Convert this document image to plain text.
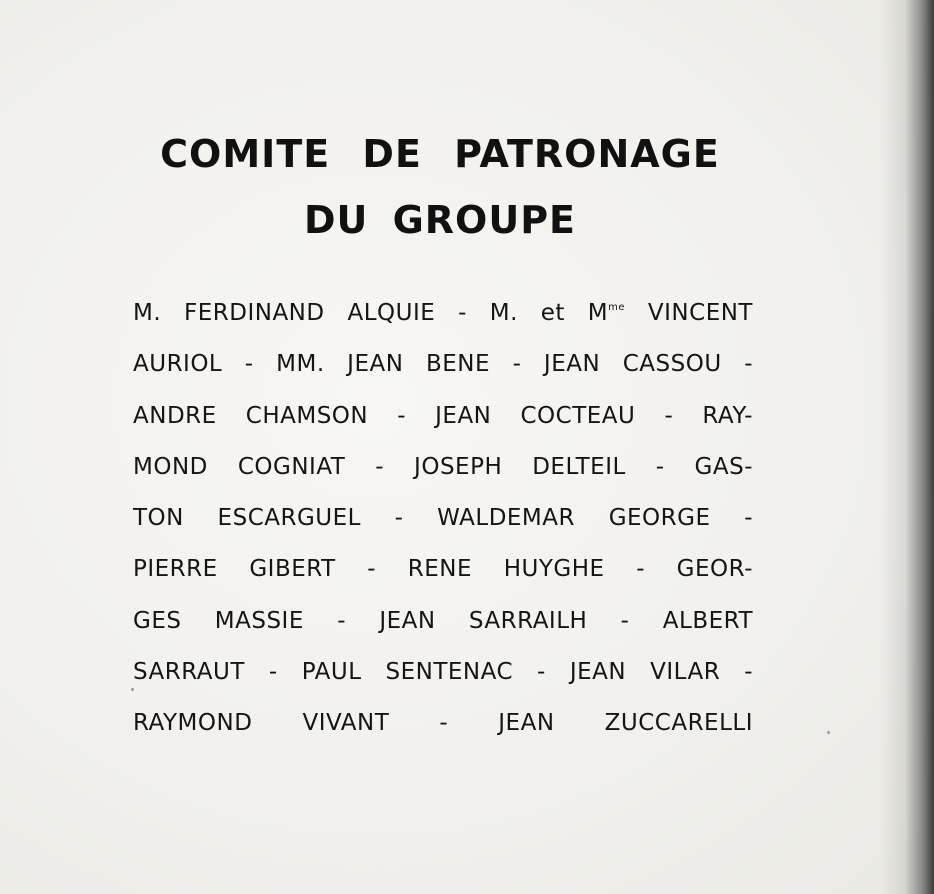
COMITE DE PATRONAGE
DU GROUPE
M. FERDINAND ALQUIE - M. et $M^{me}$ VINCENT
AURIOL - MM. JEAN BENE - JEAN CASSOU -
ANDRE CHAMSON - JEAN COCTEAU - RAY-
MOND COGNIAT - JOSEPH DELTEIL - GAS-
TON ESCARGUEL - WALDEMAR GEORGE -
PIERRE GIBERT - RENE HUYGHE - GEOR-
GES MASSIE - JEAN SARRAILH - ALBERT
SARRAUT - PAUL SENTENAC - JEAN VILAR -
RAYMOND VIVANT - JEAN ZUCCARELLI
